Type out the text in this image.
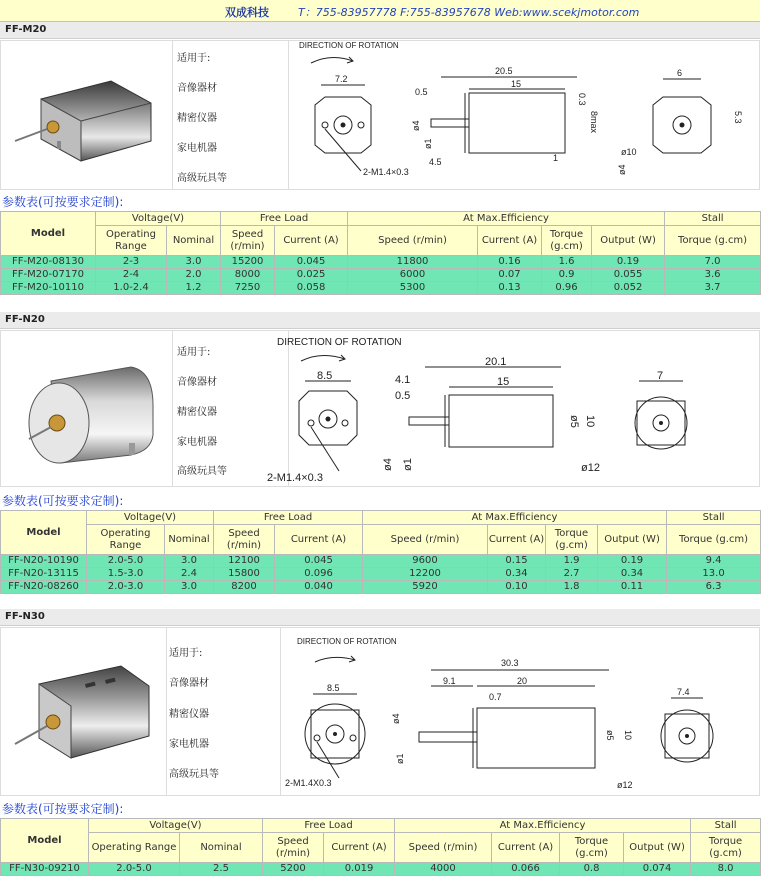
双成科技	T：755-83957778 F:755-83957678 Web:www.scekjmotor.com
FF-M20
适用于:
音像器材
精密仪器
家电机器
高级玩具等
DIRECTION OF ROTATION
7.2
2-M1.4×0.3
20.5
15
0.5
4.5
ø4
ø1
0.3
8max
1
ø4
6
5.3
ø10
参数表(可按要求定制):
Model	Voltage(V)		Free Load		At Max.Efficiency				Stall
	Operating Range	Nominal	Speed (r/min)	Current (A)	Speed (r/min)	Current (A)	Torque (g.cm)	Output (W)	Torque (g.cm)
FF-M20-08130	2-3	3.0	15200	0.045	11800	0.16	1.6	0.19	7.0
FF-M20-07170	2-4	2.0	8000	0.025	6000	0.07	0.9	0.055	3.6
FF-M20-10110	1.0-2.4	1.2	7250	0.058	5300	0.13	0.96	0.052	3.7
FF-N20
适用于:
音像器材
精密仪器
家电机器
高级玩具等
DIRECTION OF ROTATION
8.5
2-M1.4×0.3
20.1
4.1	15
0.5
ø4 ø1
ø5 10
ø12
7
参数表(可按要求定制):
Model	Voltage(V)		Free Load		At Max.Efficiency				Stall
	Operating Range	Nominal	Speed (r/min)	Current (A)	Speed (r/min)	Current (A)	Torque (g.cm)	Output (W)	Torque (g.cm)
FF-N20-10190	2.0-5.0	3.0	12100	0.045	9600	0.15	1.9	0.19	9.4
FF-N20-13115	1.5-3.0	2.4	15800	0.096	12200	0.34	2.7	0.34	13.0
FF-N20-08260	2.0-3.0	3.0	8200	0.040	5920	0.10	1.8	0.11	6.3
FF-N30
适用于:
音像器材
精密仪器
家电机器
高级玩具等
DIRECTION OF ROTATION
8.5
2-M1.4X0.3
30.3
9.1	20
0.7
ø4
ø1
ø5 10
ø12
7.4
参数表(可按要求定制):
Model	Voltage(V)		Free Load		At Max.Efficiency				Stall
	Operating Range	Nominal	Speed (r/min)	Current (A)	Speed (r/min)	Current (A)	Torque (g.cm)	Output (W)	Torque (g.cm)
FF-N30-09210	2.0-5.0	2.5	5200	0.019	4000	0.066	0.8	0.074	8.0
